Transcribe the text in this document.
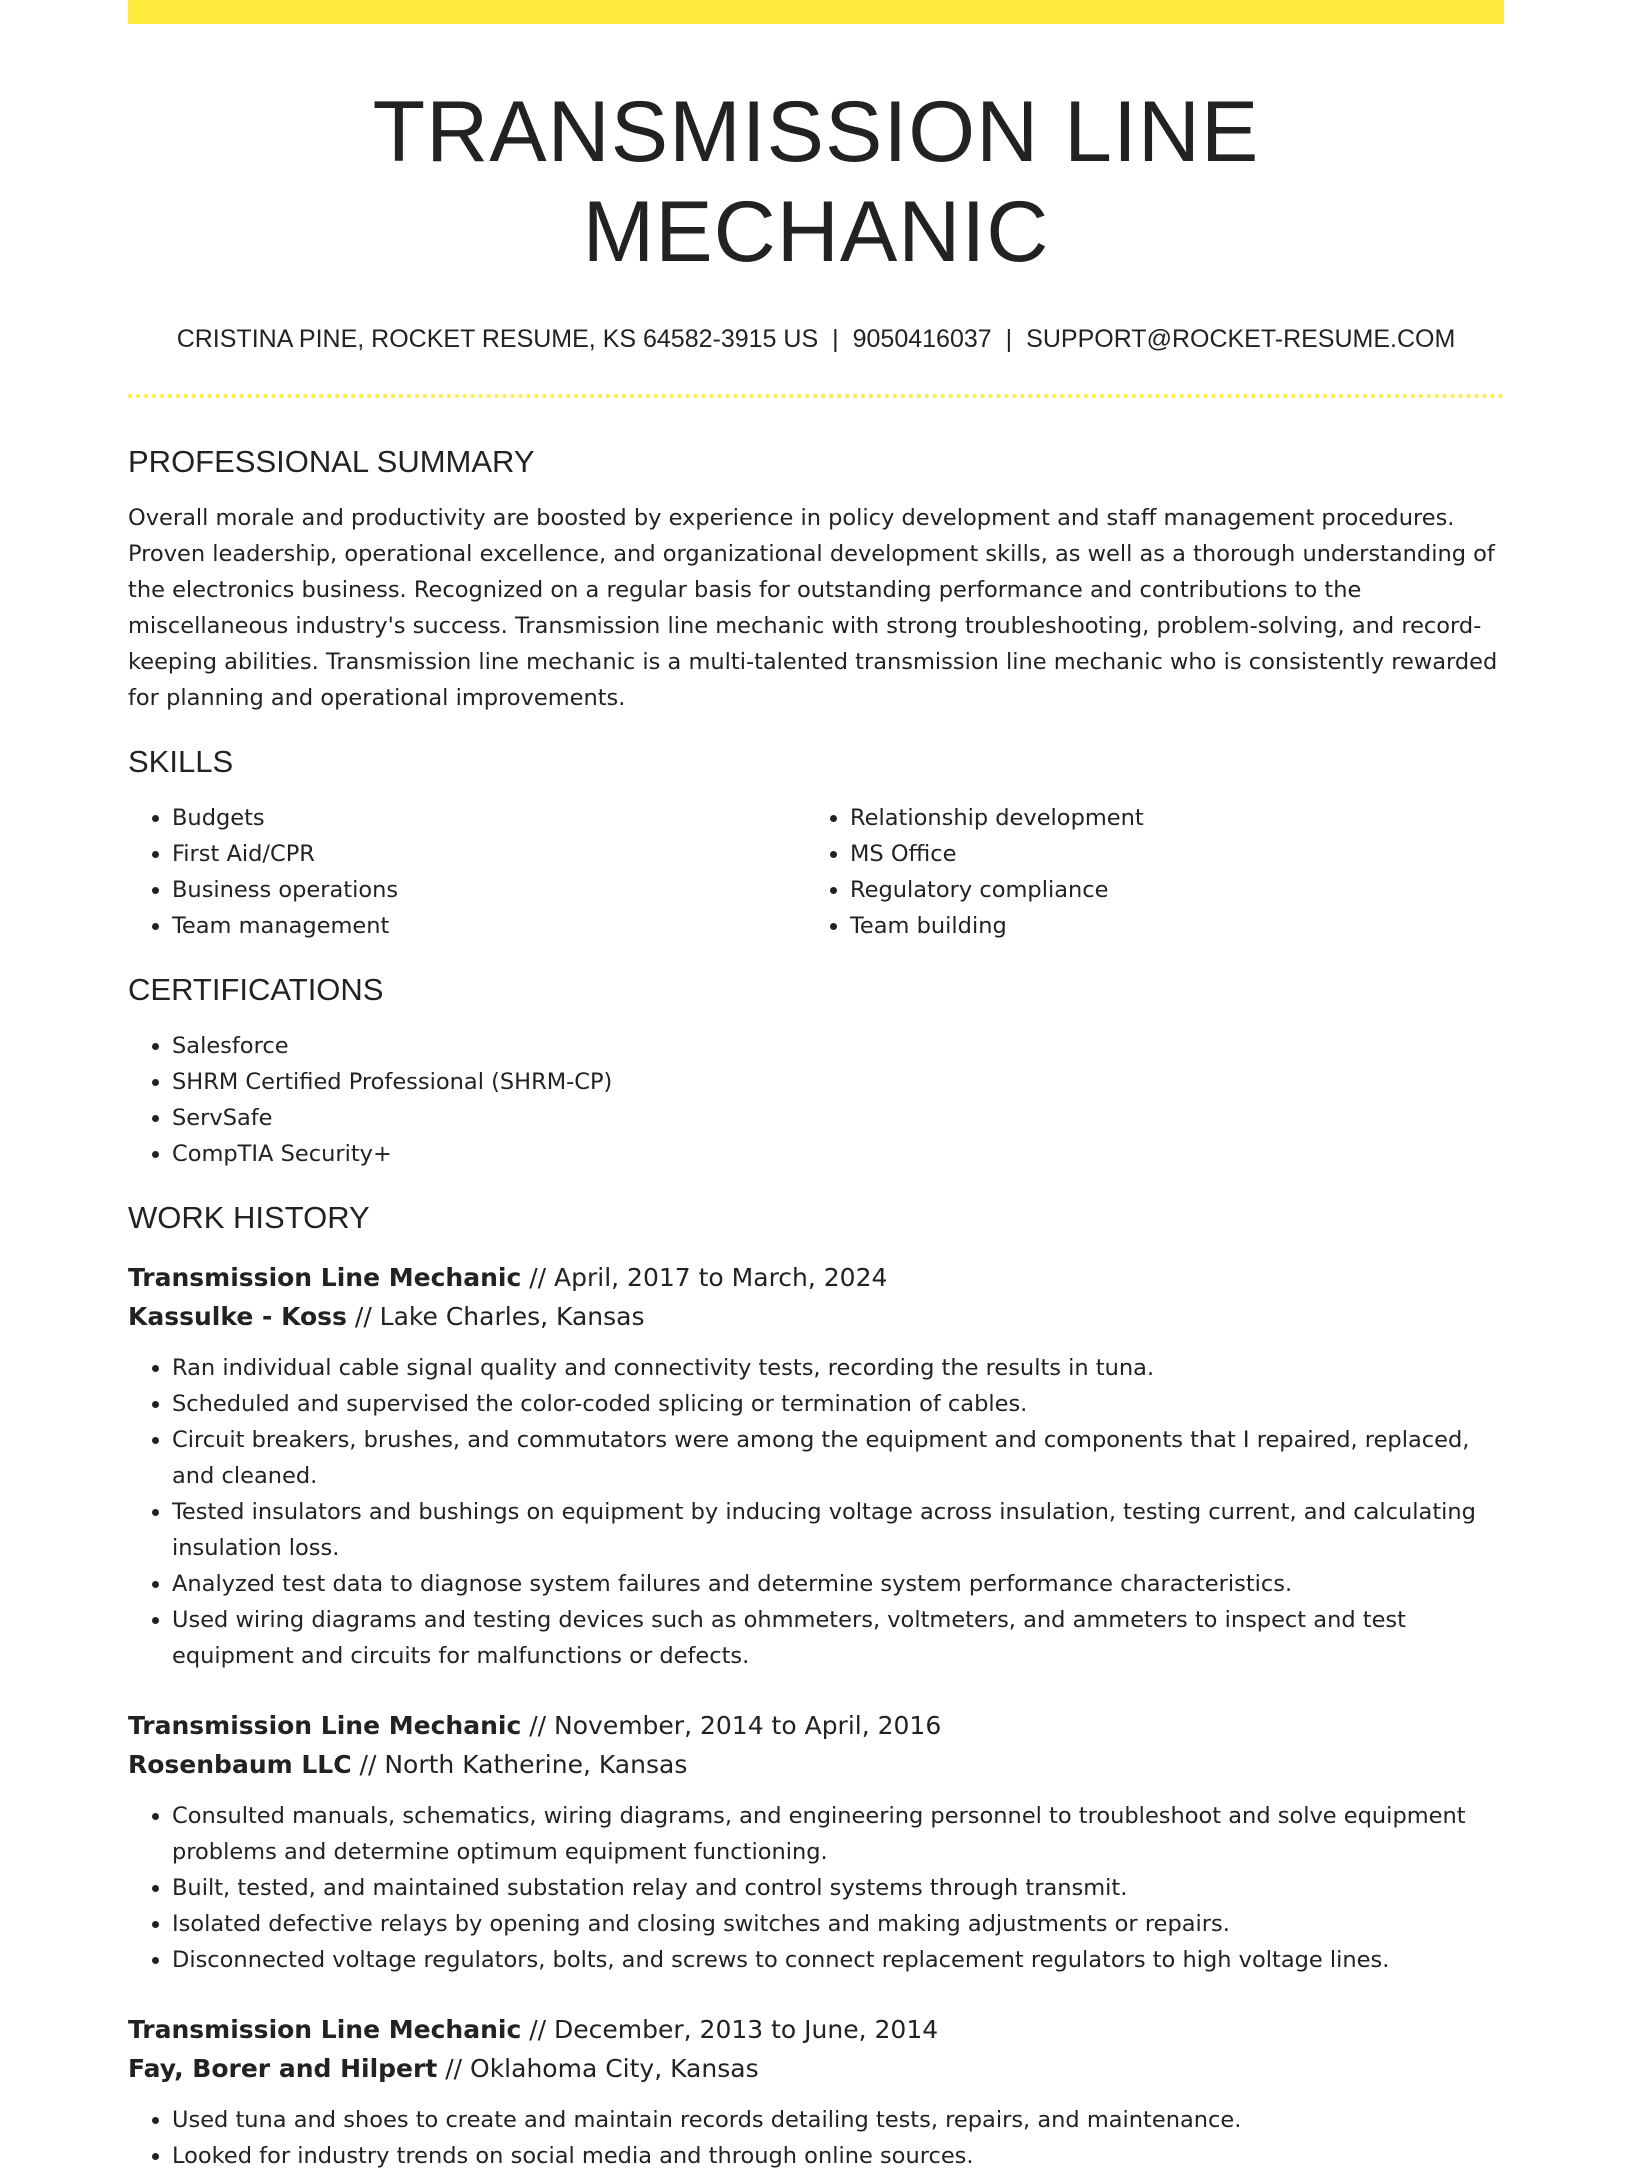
TRANSMISSION LINE MECHANIC
CRISTINA PINE, ROCKET RESUME, KS 64582-3915 US | 9050416037 | SUPPORT@ROCKET-RESUME.COM
PROFESSIONAL SUMMARY
Overall morale and productivity are boosted by experience in policy development and staff management procedures. Proven leadership, operational excellence, and organizational development skills, as well as a thorough understanding of the electronics business. Recognized on a regular basis for outstanding performance and contributions to the miscellaneous industry's success. Transmission line mechanic with strong troubleshooting, problem-solving, and record-keeping abilities. Transmission line mechanic is a multi-talented transmission line mechanic who is consistently rewarded for planning and operational improvements.
SKILLS
• Budgets
• First Aid/CPR
• Business operations
• Team management
• Relationship development
• MS Office
• Regulatory compliance
• Team building
CERTIFICATIONS
• Salesforce
• SHRM Certified Professional (SHRM-CP)
• ServSafe
• CompTIA Security+
WORK HISTORY
Transmission Line Mechanic // April, 2017 to March, 2024
Kassulke - Koss // Lake Charles, Kansas
• Ran individual cable signal quality and connectivity tests, recording the results in tuna.
• Scheduled and supervised the color-coded splicing or termination of cables.
• Circuit breakers, brushes, and commutators were among the equipment and components that I repaired, replaced, and cleaned.
• Tested insulators and bushings on equipment by inducing voltage across insulation, testing current, and calculating insulation loss.
• Analyzed test data to diagnose system failures and determine system performance characteristics.
• Used wiring diagrams and testing devices such as ohmmeters, voltmeters, and ammeters to inspect and test equipment and circuits for malfunctions or defects.
Transmission Line Mechanic // November, 2014 to April, 2016
Rosenbaum LLC // North Katherine, Kansas
• Consulted manuals, schematics, wiring diagrams, and engineering personnel to troubleshoot and solve equipment problems and determine optimum equipment functioning.
• Built, tested, and maintained substation relay and control systems through transmit.
• Isolated defective relays by opening and closing switches and making adjustments or repairs.
• Disconnected voltage regulators, bolts, and screws to connect replacement regulators to high voltage lines.
Transmission Line Mechanic // December, 2013 to June, 2014
Fay, Borer and Hilpert // Oklahoma City, Kansas
• Used tuna and shoes to create and maintain records detailing tests, repairs, and maintenance.
• Looked for industry trends on social media and through online sources.
